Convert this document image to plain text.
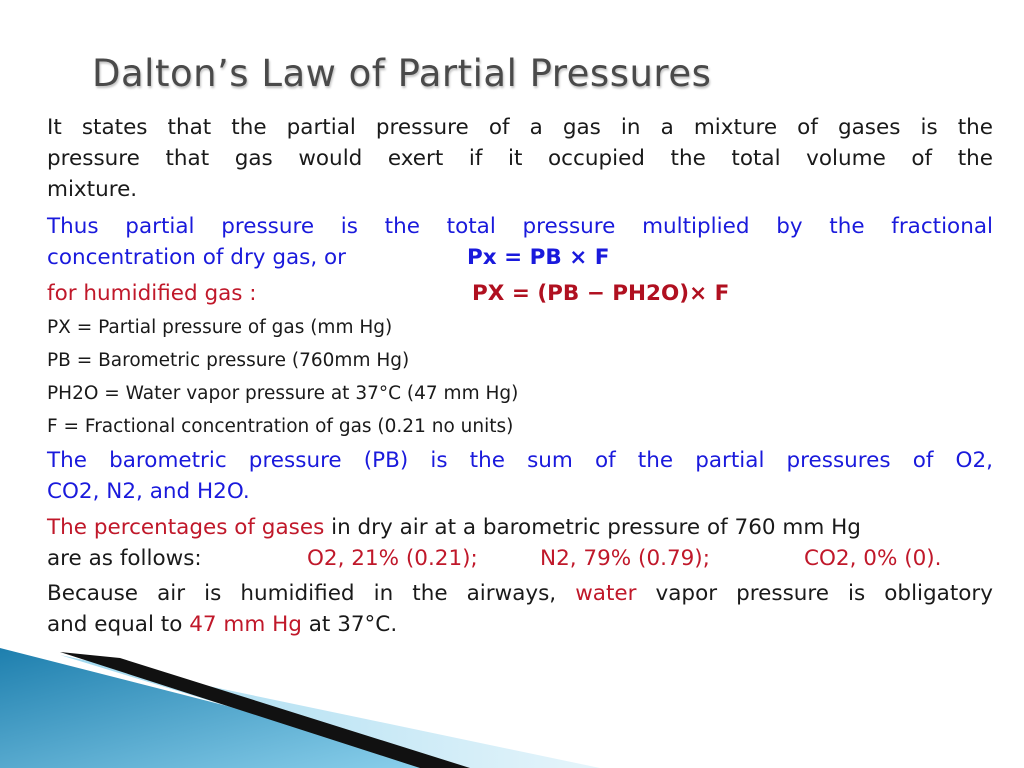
Dalton’s Law of Partial Pressures

It states that the partial pressure of a gas in a mixture of gases is the
pressure that gas would exert if it occupied the total volume of the

mixture.

Thus partial pressure is the total pressure multiplied by the fractional

concentration of dry gas, or	Px = PB × F
for humidified gas :	PX = (PB − PH2O)× F

PX = Partial pressure of gas (mm Hg)

PB = Barometric pressure (760mm Hg)

PH2O = Water vapor pressure at 37°C (47 mm Hg)

F = Fractional concentration of gas (0.21 no units)

The barometric pressure (PB) is the sum of the partial pressures of O2,

CO2, N2, and H2O.

The percentages of gases in dry air at a barometric pressure of 760 mm Hg

are as follows:	O2, 21% (0.21);	N2, 79% (0.79);	CO2, 0% (0).

Because air is humidified in the airways, water vapor pressure is obligatory

and equal to 47 mm Hg at 37°C.
